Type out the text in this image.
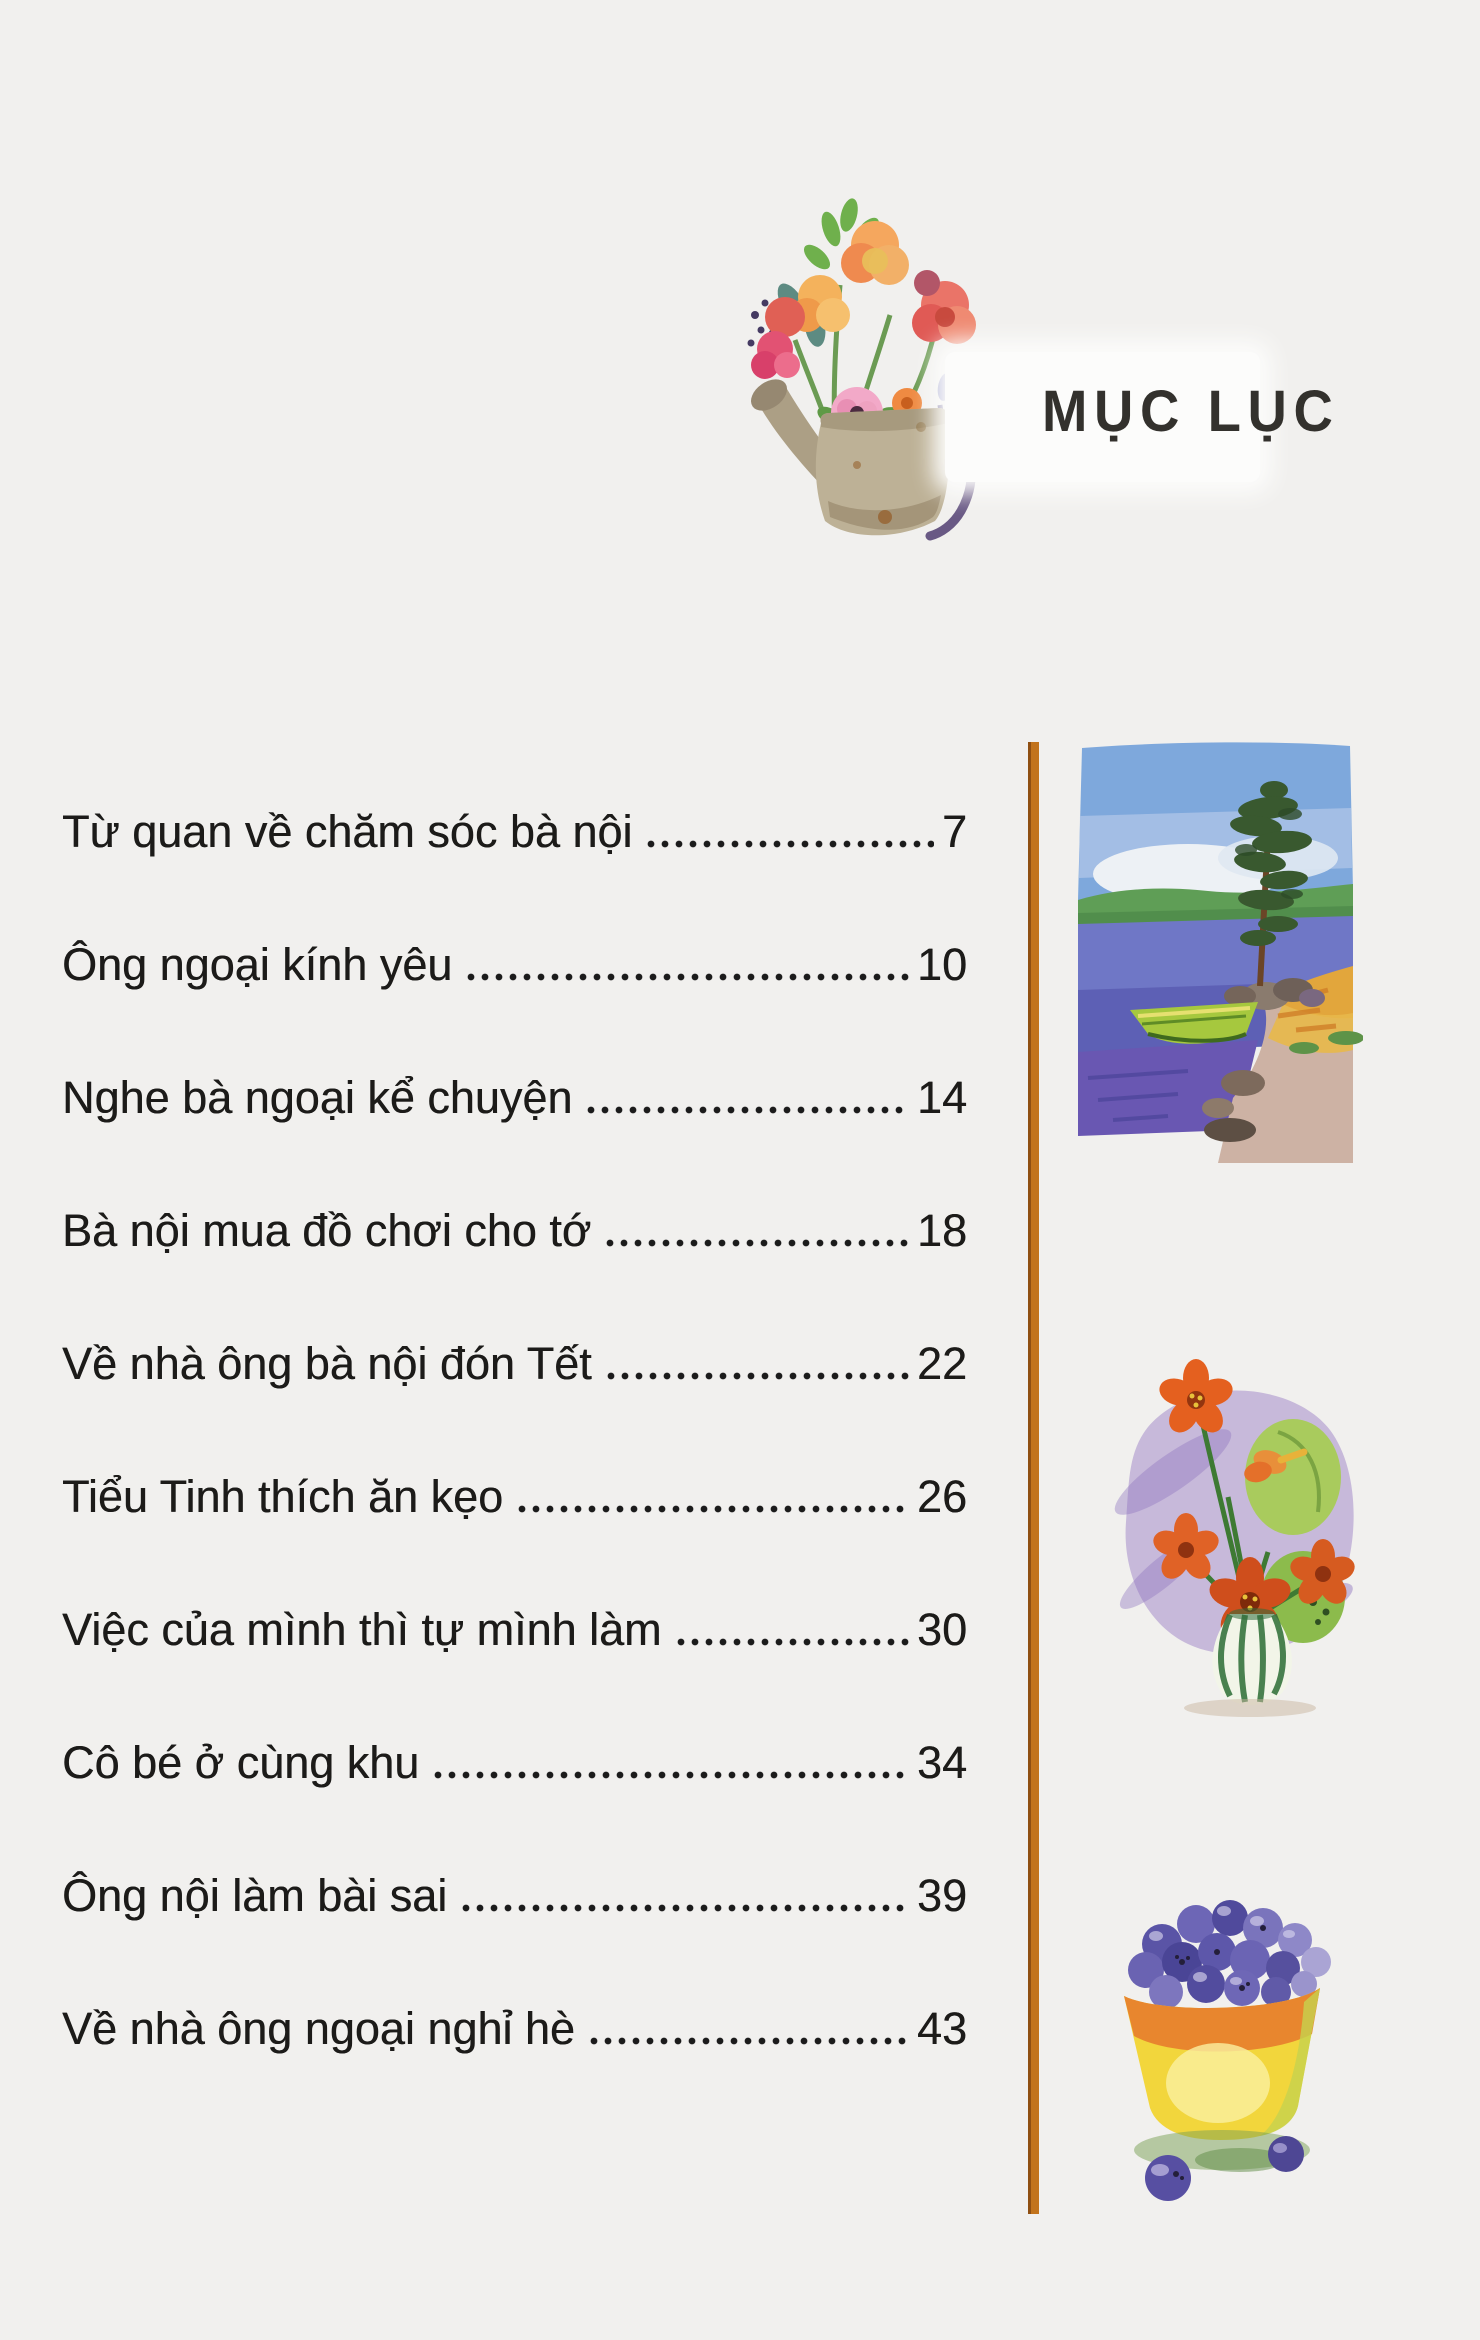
MỤC LỤC
Từ quan về chăm sóc bà nội	7
Ông ngoại kính yêu	10
Nghe bà ngoại kể chuyện	14
Bà nội mua đồ chơi cho tớ	18
Về nhà ông bà nội đón Tết	22
Tiểu Tinh thích ăn kẹo	26
Việc của mình thì tự mình làm	30
Cô bé ở cùng khu	34
Ông nội làm bài sai	39
Về nhà ông ngoại nghỉ hè	43
